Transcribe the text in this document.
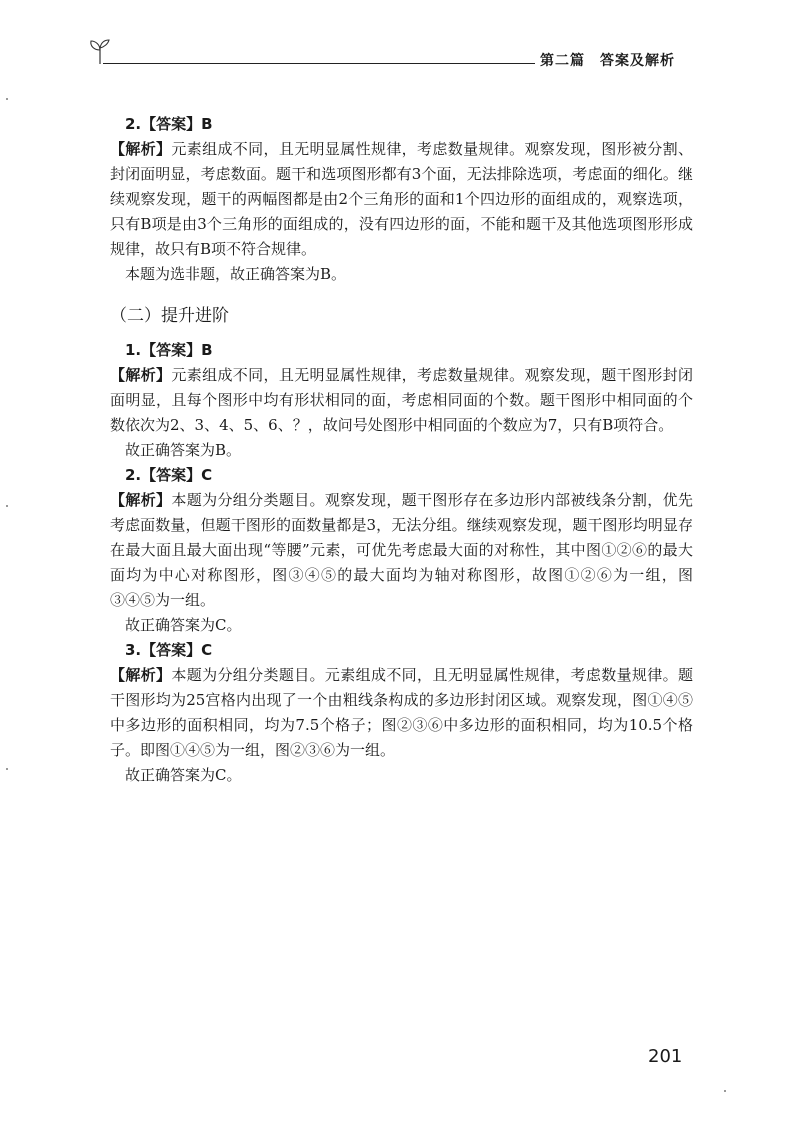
第二篇　答案及解析

2.【答案】B

【解析】元素组成不同，且无明显属性规律，考虑数量规律。观察发现，图形被分割、封闭面明显，考虑数面。题干和选项图形都有3个面，无法排除选项，考虑面的细化。继续观察发现，题干的两幅图都是由2个三角形的面和1个四边形的面组成的，观察选项，只有B项是由3个三角形的面组成的，没有四边形的面，不能和题干及其他选项图形形成规律，故只有B项不符合规律。

本题为选非题，故正确答案为B。

（二）提升进阶

1.【答案】B

【解析】元素组成不同，且无明显属性规律，考虑数量规律。观察发现，题干图形封闭面明显，且每个图形中均有形状相同的面，考虑相同面的个数。题干图形中相同面的个数依次为2、3、4、5、6、？，故问号处图形中相同面的个数应为7，只有B项符合。

故正确答案为B。

2.【答案】C

【解析】本题为分组分类题目。观察发现，题干图形存在多边形内部被线条分割，优先考虑面数量，但题干图形的面数量都是3，无法分组。继续观察发现，题干图形均明显存在最大面且最大面出现“等腰”元素，可优先考虑最大面的对称性，其中图①②⑥的最大面均为中心对称图形，图③④⑤的最大面均为轴对称图形，故图①②⑥为一组，图③④⑤为一组。

故正确答案为C。

3.【答案】C

【解析】本题为分组分类题目。元素组成不同，且无明显属性规律，考虑数量规律。题干图形均为25宫格内出现了一个由粗线条构成的多边形封闭区域。观察发现，图①④⑤中多边形的面积相同，均为7.5个格子；图②③⑥中多边形的面积相同，均为10.5个格子。即图①④⑤为一组，图②③⑥为一组。

故正确答案为C。

201
